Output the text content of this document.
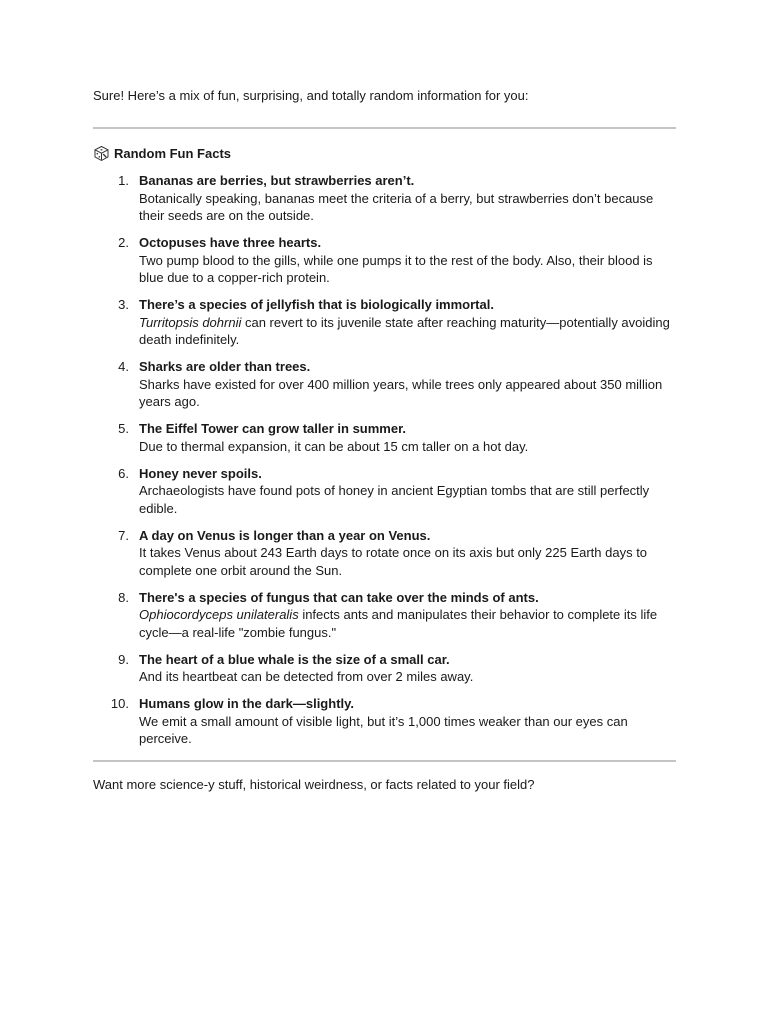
Sure! Here’s a mix of fun, surprising, and totally random information for you:

Random Fun Facts
1. Bananas are berries, but strawberries aren’t.
Botanically speaking, bananas meet the criteria of a berry, but strawberries don’t because their seeds are on the outside.
2. Octopuses have three hearts.
Two pump blood to the gills, while one pumps it to the rest of the body. Also, their blood is blue due to a copper-rich protein.
3. There’s a species of jellyfish that is biologically immortal.
Turritopsis dohrnii can revert to its juvenile state after reaching maturity—potentially avoiding death indefinitely.
4. Sharks are older than trees.
Sharks have existed for over 400 million years, while trees only appeared about 350 million years ago.
5. The Eiffel Tower can grow taller in summer.
Due to thermal expansion, it can be about 15 cm taller on a hot day.
6. Honey never spoils.
Archaeologists have found pots of honey in ancient Egyptian tombs that are still perfectly edible.
7. A day on Venus is longer than a year on Venus.
It takes Venus about 243 Earth days to rotate once on its axis but only 225 Earth days to complete one orbit around the Sun.
8. There's a species of fungus that can take over the minds of ants.
Ophiocordyceps unilateralis infects ants and manipulates their behavior to complete its life cycle—a real-life "zombie fungus."
9. The heart of a blue whale is the size of a small car.
And its heartbeat can be detected from over 2 miles away.
10. Humans glow in the dark—slightly.
We emit a small amount of visible light, but it’s 1,000 times weaker than our eyes can perceive.

Want more science-y stuff, historical weirdness, or facts related to your field?
